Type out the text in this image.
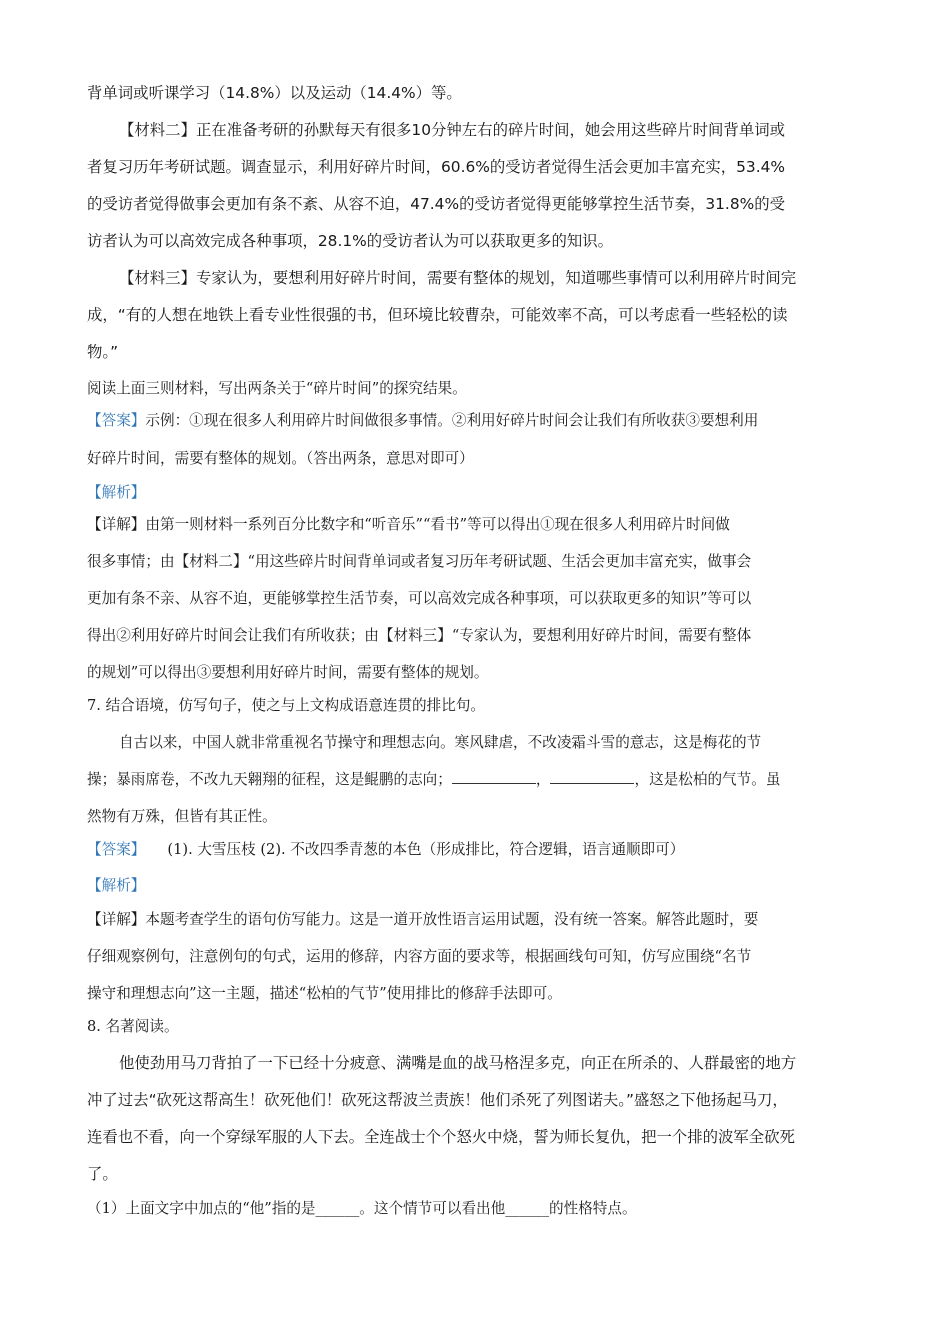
背单词或听课学习（14.8%）以及运动（14.4%）等。
【材料二】正在准备考研的孙默每天有很多10分钟左右的碎片时间，她会用这些碎片时间背单词或
者复习历年考研试题。调查显示，利用好碎片时间，60.6%的受访者觉得生活会更加丰富充实，53.4%
的受访者觉得做事会更加有条不紊、从容不迫，47.4%的受访者觉得更能够掌控生活节奏，31.8%的受
访者认为可以高效完成各种事项，28.1%的受访者认为可以获取更多的知识。
【材料三】专家认为，要想利用好碎片时间，需要有整体的规划，知道哪些事情可以利用碎片时间完
成，“有的人想在地铁上看专业性很强的书，但环境比较曹杂，可能效率不高，可以考虑看一些轻松的读
物。”
阅读上面三则材料，写出两条关于“碎片时间”的探究结果。
【答案】示例：①现在很多人利用碎片时间做很多事情。②利用好碎片时间会让我们有所收获③要想利用
好碎片时间，需要有整体的规划。（答出两条，意思对即可）
【解析】
【详解】由第一则材料一系列百分比数字和“听音乐”“看书”等可以得出①现在很多人利用碎片时间做
很多事情；由【材料二】“用这些碎片时间背单词或者复习历年考研试题、生活会更加丰富充实，做事会
更加有条不亲、从容不迫，更能够掌控生活节奏，可以高效完成各种事项，可以获取更多的知识”等可以
得出②利用好碎片时间会让我们有所收获；由【材料三】“专家认为，要想利用好碎片时间，需要有整体
的规划”可以得出③要想利用好碎片时间，需要有整体的规划。
7. 结合语境，仿写句子，使之与上文构成语意连贯的排比句。
自古以来，中国人就非常重视名节操守和理想志向。寒风肆虐，不改凌霜斗雪的意志，这是梅花的节
操；暴雨席卷，不改九天翱翔的征程，这是鲲鹏的志向；	，	，这是松柏的气节。虽
然物有万殊，但皆有其正性。
【答案】 (1). 大雪压枝 (2). 不改四季青葱的本色（形成排比，符合逻辑，语言通顺即可）
【解析】
【详解】本题考查学生的语句仿写能力。这是一道开放性语言运用试题，没有统一答案。解答此题时，要
仔细观察例句，注意例句的句式，运用的修辞，内容方面的要求等，根据画线句可知，仿写应围绕“名节
操守和理想志向”这一主题，描述“松柏的气节”使用排比的修辞手法即可。
8. 名著阅读。
他使劲用马刀背拍了一下已经十分疲意、满嘴是血的战马格涅多克，向正在所杀的、人群最密的地方
冲了过去“砍死这帮高生！砍死他们！砍死这帮波兰责族！他们杀死了列图诺夫。”盛怒之下他扬起马刀，
连看也不看，向一个穿绿军服的人下去。全连战士个个怒火中烧，誓为师长复仇，把一个排的波军全砍死
了。
（1）上面文字中加点的“他”指的是______。这个情节可以看出他______的性格特点。
